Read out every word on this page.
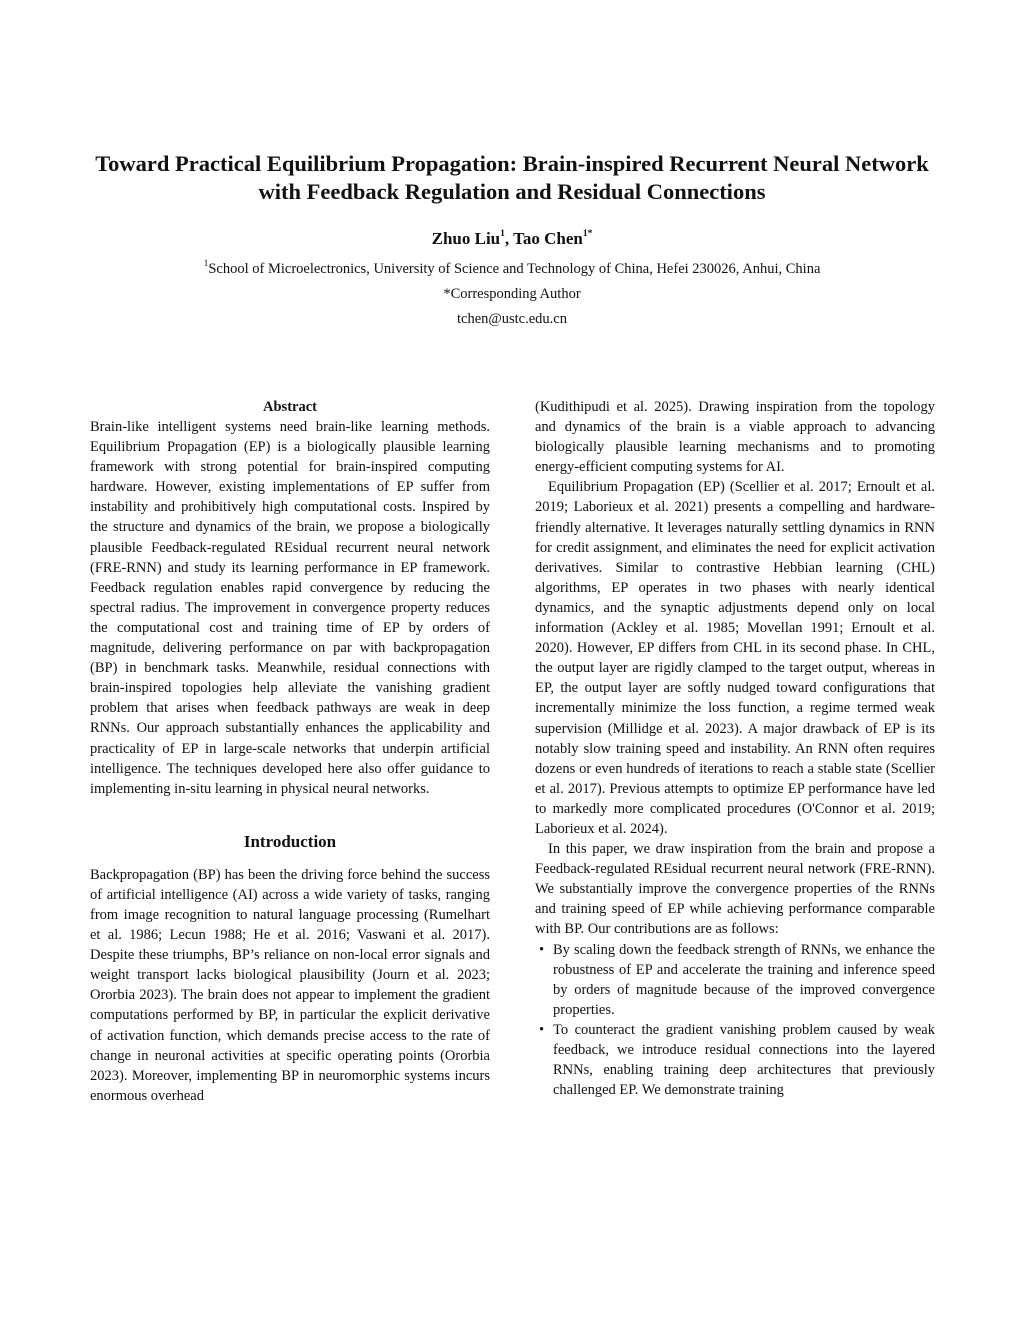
Toward Practical Equilibrium Propagation: Brain-inspired Recurrent Neural Network with Feedback Regulation and Residual Connections
Zhuo Liu$^1$, Tao Chen$^{1*}$
$^1$School of Microelectronics, University of Science and Technology of China, Hefei 230026, Anhui, China
*Corresponding Author
tchen@ustc.edu.cn
Abstract

Brain-like intelligent systems need brain-like learning methods. Equilibrium Propagation (EP) is a biologically plausible learning framework with strong potential for brain-inspired computing hardware. However, existing implementations of EP suffer from instability and prohibitively high computational costs. Inspired by the structure and dynamics of the brain, we propose a biologically plausible Feedback-regulated REsidual recurrent neural network (FRE-RNN) and study its learning performance in EP framework. Feedback regulation enables rapid convergence by reducing the spectral radius. The improvement in convergence property reduces the computational cost and training time of EP by orders of magnitude, delivering performance on par with backpropagation (BP) in benchmark tasks. Meanwhile, residual connections with brain-inspired topologies help alleviate the vanishing gradient problem that arises when feedback pathways are weak in deep RNNs. Our approach substantially enhances the applicability and practicality of EP in large-scale networks that underpin artificial intelligence. The techniques developed here also offer guidance to implementing in-situ learning in physical neural networks.

Introduction

Backpropagation (BP) has been the driving force behind the success of artificial intelligence (AI) across a wide variety of tasks, ranging from image recognition to natural language processing (Rumelhart et al. 1986; Lecun 1988; He et al. 2016; Vaswani et al. 2017). Despite these triumphs, BP’s reliance on non-local error signals and weight transport lacks biological plausibility (Journ et al. 2023; Ororbia 2023). The brain does not appear to implement the gradient computations performed by BP, in particular the explicit derivative of activation function, which demands precise access to the rate of change in neuronal activities at specific operating points (Ororbia 2023). Moreover, implementing BP in neuromorphic systems incurs enormous overhead

(Kudithipudi et al. 2025). Drawing inspiration from the topology and dynamics of the brain is a viable approach to advancing biologically plausible learning mechanisms and to promoting energy-efficient computing systems for AI.

Equilibrium Propagation (EP) (Scellier et al. 2017; Ernoult et al. 2019; Laborieux et al. 2021) presents a compelling and hardware-friendly alternative. It leverages naturally settling dynamics in RNN for credit assignment, and eliminates the need for explicit activation derivatives. Similar to contrastive Hebbian learning (CHL) algorithms, EP operates in two phases with nearly identical dynamics, and the synaptic adjustments depend only on local information (Ackley et al. 1985; Movellan 1991; Ernoult et al. 2020). However, EP differs from CHL in its second phase. In CHL, the output layer are rigidly clamped to the target output, whereas in EP, the output layer are softly nudged toward configurations that incrementally minimize the loss function, a regime termed weak supervision (Millidge et al. 2023). A major drawback of EP is its notably slow training speed and instability. An RNN often requires dozens or even hundreds of iterations to reach a stable state (Scellier et al. 2017). Previous attempts to optimize EP performance have led to markedly more complicated procedures (O'Connor et al. 2019; Laborieux et al. 2024).

In this paper, we draw inspiration from the brain and propose a Feedback-regulated REsidual recurrent neural network (FRE-RNN). We substantially improve the convergence properties of the RNNs and training speed of EP while achieving performance comparable with BP. Our contributions are as follows:

• By scaling down the feedback strength of RNNs, we enhance the robustness of EP and accelerate the training and inference speed by orders of magnitude because of the improved convergence properties.
• To counteract the gradient vanishing problem caused by weak feedback, we introduce residual connections into the layered RNNs, enabling training deep architectures that previously challenged EP. We demonstrate training
